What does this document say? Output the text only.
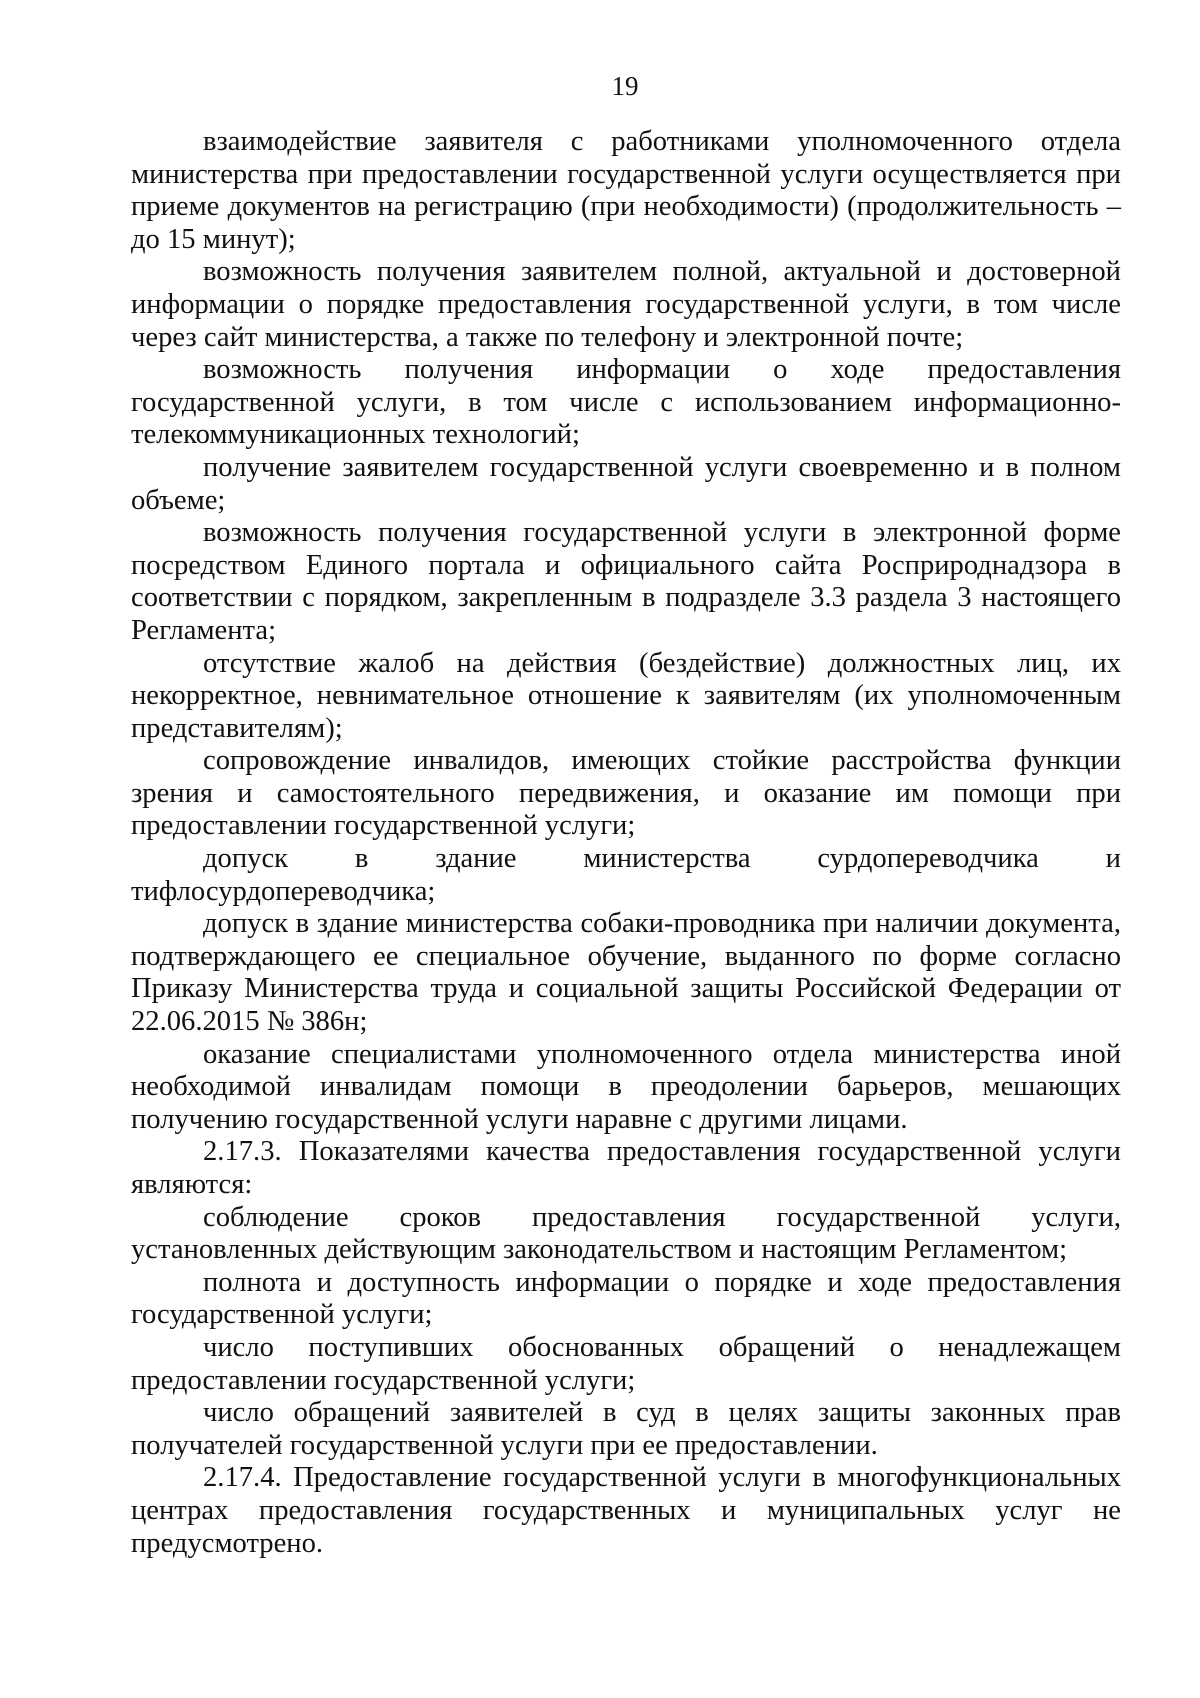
19

взаимодействие заявителя с работниками уполномоченного отдела министерства при предоставлении государственной услуги осуществляется при приеме документов на регистрацию (при необходимости) (продолжительность – до 15 минут);

возможность получения заявителем полной, актуальной и достоверной информации о порядке предоставления государственной услуги, в том числе через сайт министерства, а также по телефону и электронной почте;

возможность получения информации о ходе предоставления государственной услуги, в том числе с использованием информационно-телекоммуникационных технологий;

получение заявителем государственной услуги своевременно и в полном объеме;

возможность получения государственной услуги в электронной форме посредством Единого портала и официального сайта Росприроднадзора в соответствии с порядком, закрепленным в подразделе 3.3 раздела 3 настоящего Регламента;

отсутствие жалоб на действия (бездействие) должностных лиц, их некорректное, невнимательное отношение к заявителям (их уполномоченным представителям);

сопровождение инвалидов, имеющих стойкие расстройства функции зрения и самостоятельного передвижения, и оказание им помощи при предоставлении государственной услуги;

допуск в здание министерства сурдопереводчика и тифлосурдопереводчика;

допуск в здание министерства собаки-проводника при наличии документа, подтверждающего ее специальное обучение, выданного по форме согласно Приказу Министерства труда и социальной защиты Российской Федерации от 22.06.2015 № 386н;

оказание специалистами уполномоченного отдела министерства иной необходимой инвалидам помощи в преодолении барьеров, мешающих получению государственной услуги наравне с другими лицами.

2.17.3. Показателями качества предоставления государственной услуги являются:

соблюдение сроков предоставления государственной услуги, установленных действующим законодательством и настоящим Регламентом;

полнота и доступность информации о порядке и ходе предоставления государственной услуги;

число поступивших обоснованных обращений о ненадлежащем предоставлении государственной услуги;

число обращений заявителей в суд в целях защиты законных прав получателей государственной услуги при ее предоставлении.

2.17.4. Предоставление государственной услуги в многофункциональных центрах предоставления государственных и муниципальных услуг не предусмотрено.
